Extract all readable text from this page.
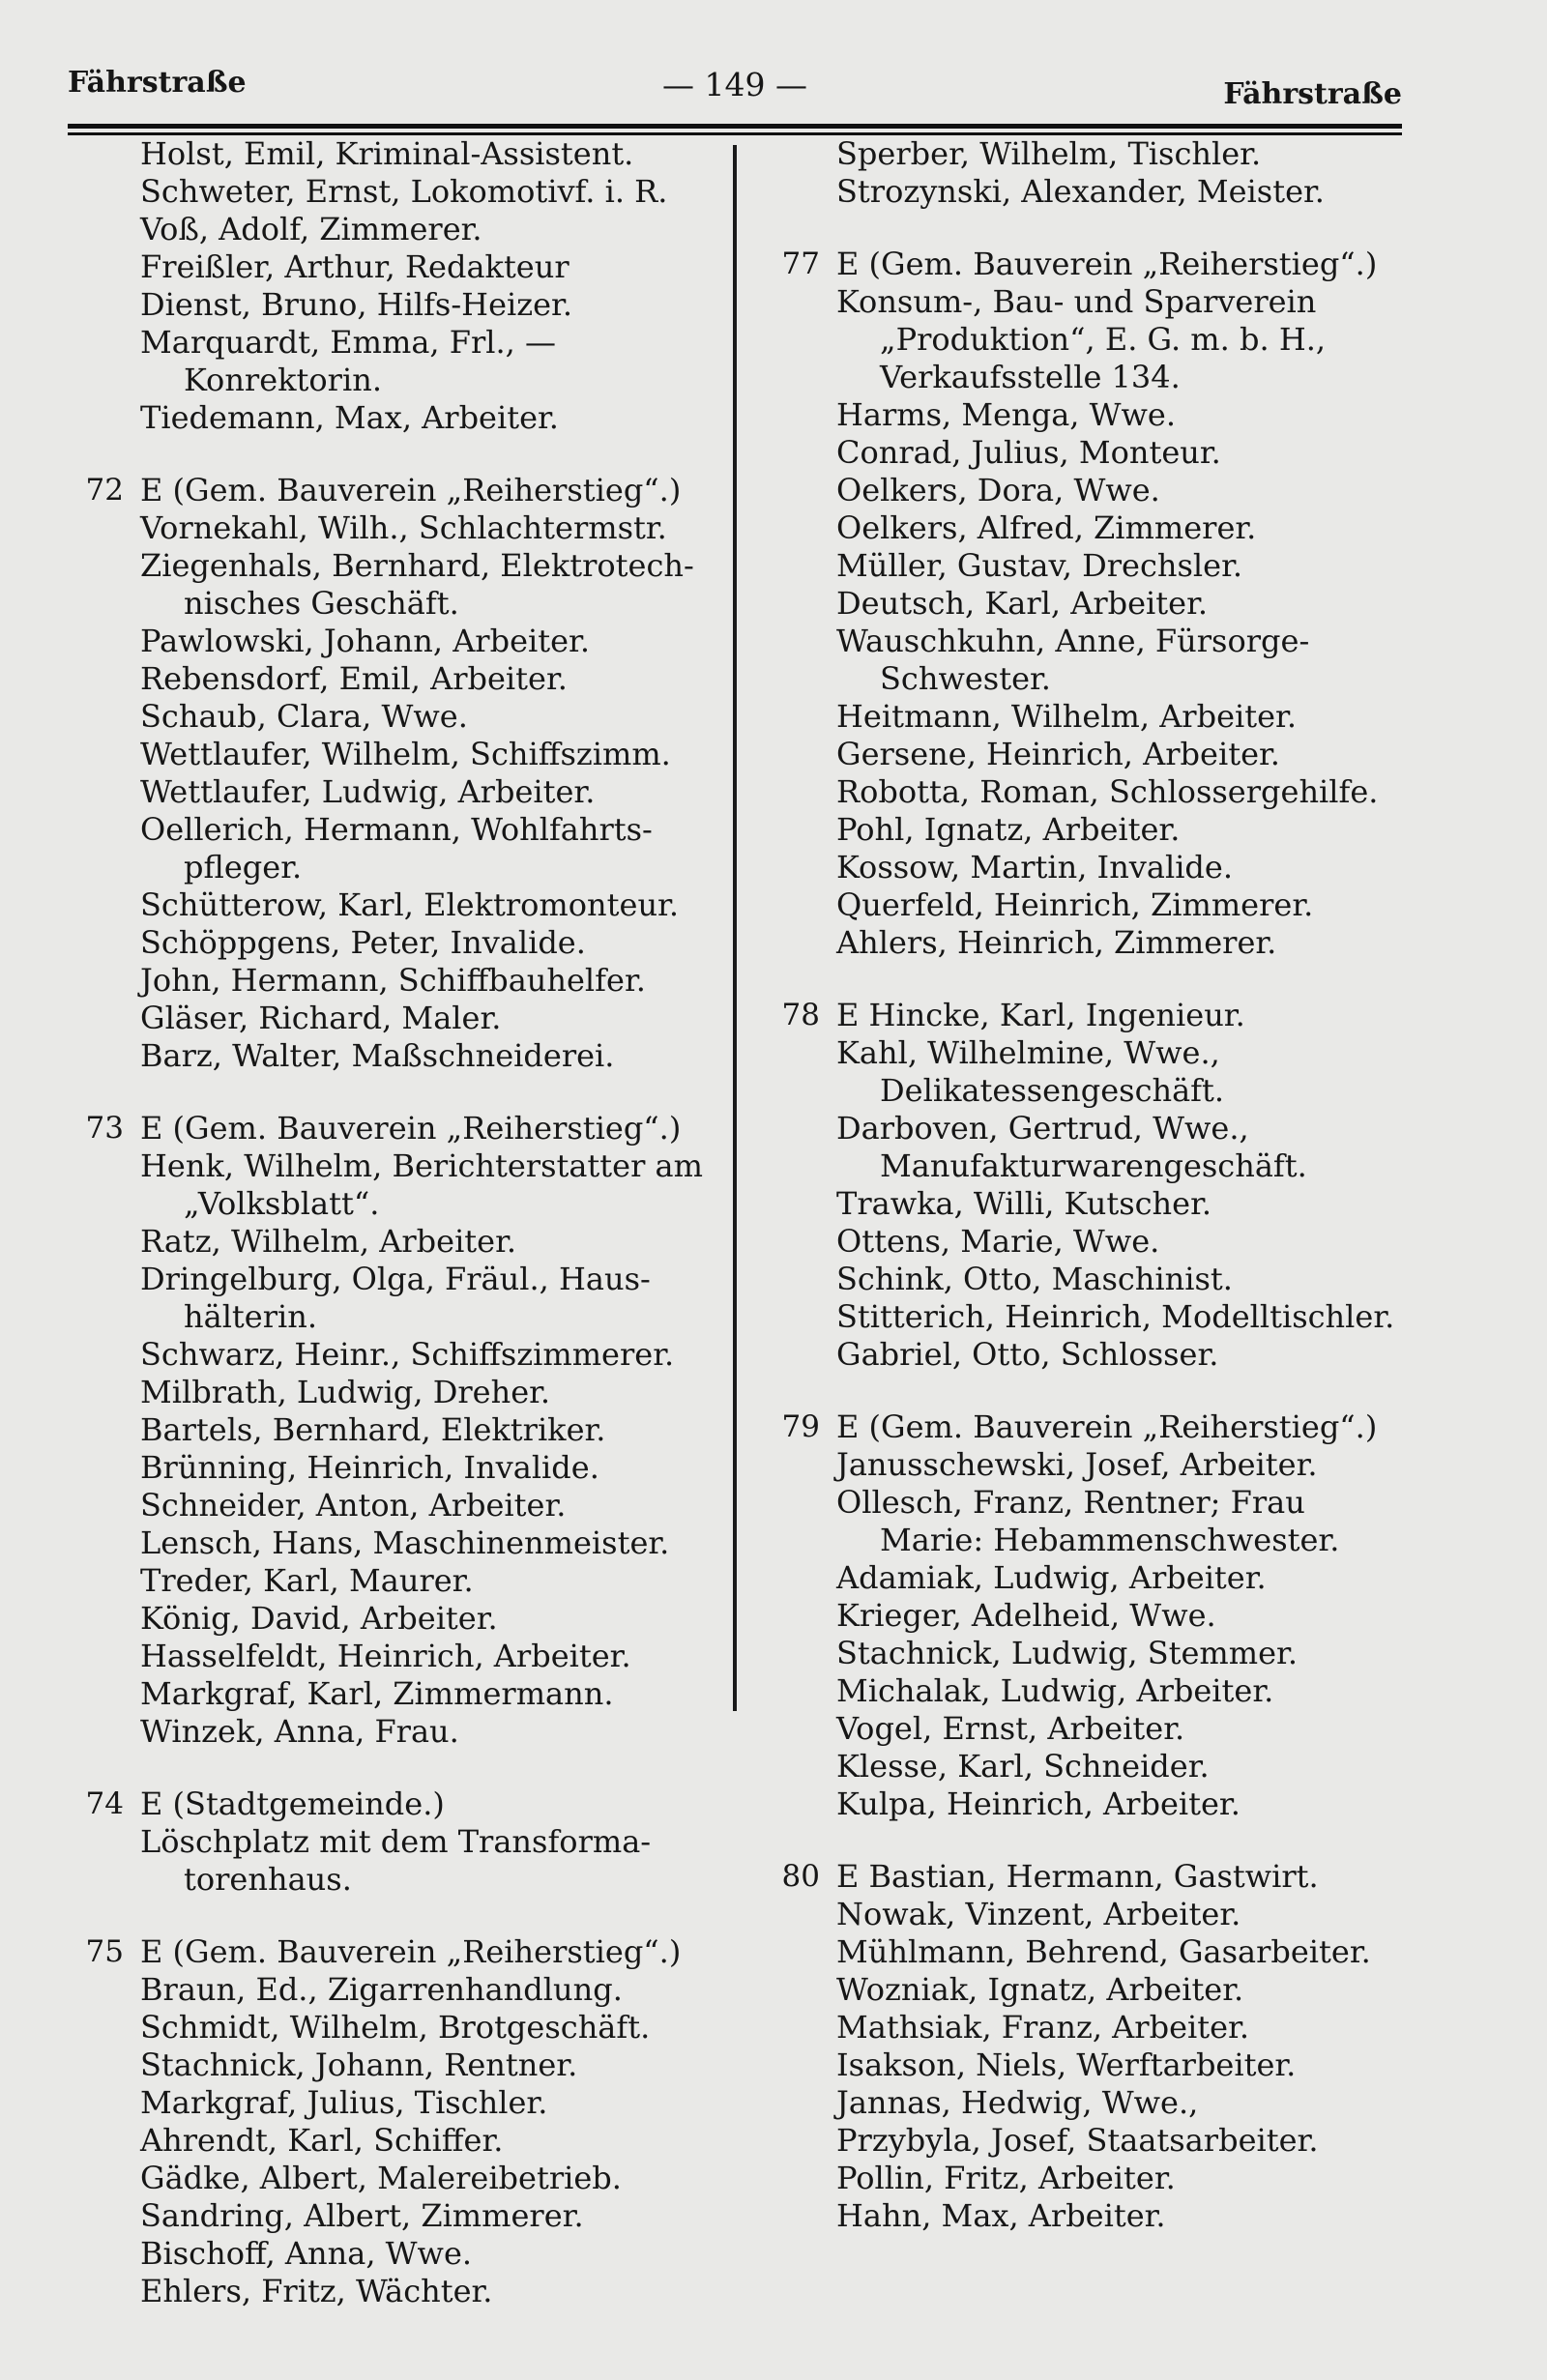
Fährstraße	— 149 —	Fährstraße
Holst, Emil, Kriminal-Assistent.
Schweter, Ernst, Lokomotivf. i. R.
Voß, Adolf, Zimmerer.
Freißler, Arthur, Redakteur
Dienst, Bruno, Hilfs-Heizer.
Marquardt, Emma, Frl., —
Konrektorin.
Tiedemann, Max, Arbeiter.
72 E (Gem. Bauverein „Reiherstieg“.)
Vornekahl, Wilh., Schlachtermstr.
Ziegenhals, Bernhard, Elektrotech-
nisches Geschäft.
Pawlowski, Johann, Arbeiter.
Rebensdorf, Emil, Arbeiter.
Schaub, Clara, Wwe.
Wettlaufer, Wilhelm, Schiffszimm.
Wettlaufer, Ludwig, Arbeiter.
Oellerich, Hermann, Wohlfahrts-
pfleger.
Schütterow, Karl, Elektromonteur.
Schöppgens, Peter, Invalide.
John, Hermann, Schiffbauhelfer.
Gläser, Richard, Maler.
Barz, Walter, Maßschneiderei.
73 E (Gem. Bauverein „Reiherstieg“.)
Henk, Wilhelm, Berichterstatter am
„Volksblatt“.
Ratz, Wilhelm, Arbeiter.
Dringelburg, Olga, Fräul., Haus-
hälterin.
Schwarz, Heinr., Schiffszimmerer.
Milbrath, Ludwig, Dreher.
Bartels, Bernhard, Elektriker.
Brünning, Heinrich, Invalide.
Schneider, Anton, Arbeiter.
Lensch, Hans, Maschinenmeister.
Treder, Karl, Maurer.
König, David, Arbeiter.
Hasselfeldt, Heinrich, Arbeiter.
Markgraf, Karl, Zimmermann.
Winzek, Anna, Frau.
74 E (Stadtgemeinde.)
Löschplatz mit dem Transforma-
torenhaus.
75 E (Gem. Bauverein „Reiherstieg“.)
Braun, Ed., Zigarrenhandlung.
Schmidt, Wilhelm, Brotgeschäft.
Stachnick, Johann, Rentner.
Markgraf, Julius, Tischler.
Ahrendt, Karl, Schiffer.
Gädke, Albert, Malereibetrieb.
Sandring, Albert, Zimmerer.
Bischoff, Anna, Wwe.
Ehlers, Fritz, Wächter.
Sperber, Wilhelm, Tischler.
Strozynski, Alexander, Meister.
77 E (Gem. Bauverein „Reiherstieg“.)
Konsum-, Bau- und Sparverein
„Produktion“, E. G. m. b. H.,
Verkaufsstelle 134.
Harms, Menga, Wwe.
Conrad, Julius, Monteur.
Oelkers, Dora, Wwe.
Oelkers, Alfred, Zimmerer.
Müller, Gustav, Drechsler.
Deutsch, Karl, Arbeiter.
Wauschkuhn, Anne, Fürsorge-
Schwester.
Heitmann, Wilhelm, Arbeiter.
Gersene, Heinrich, Arbeiter.
Robotta, Roman, Schlossergehilfe.
Pohl, Ignatz, Arbeiter.
Kossow, Martin, Invalide.
Querfeld, Heinrich, Zimmerer.
Ahlers, Heinrich, Zimmerer.
78 E Hincke, Karl, Ingenieur.
Kahl, Wilhelmine, Wwe.,
Delikatessengeschäft.
Darboven, Gertrud, Wwe.,
Manufakturwarengeschäft.
Trawka, Willi, Kutscher.
Ottens, Marie, Wwe.
Schink, Otto, Maschinist.
Stitterich, Heinrich, Modelltischler.
Gabriel, Otto, Schlosser.
79 E (Gem. Bauverein „Reiherstieg“.)
Janusschewski, Josef, Arbeiter.
Ollesch, Franz, Rentner; Frau
Marie: Hebammenschwester.
Adamiak, Ludwig, Arbeiter.
Krieger, Adelheid, Wwe.
Stachnick, Ludwig, Stemmer.
Michalak, Ludwig, Arbeiter.
Vogel, Ernst, Arbeiter.
Klesse, Karl, Schneider.
Kulpa, Heinrich, Arbeiter.
80 E Bastian, Hermann, Gastwirt.
Nowak, Vinzent, Arbeiter.
Mühlmann, Behrend, Gasarbeiter.
Wozniak, Ignatz, Arbeiter.
Mathsiak, Franz, Arbeiter.
Isakson, Niels, Werftarbeiter.
Jannas, Hedwig, Wwe.,
Przybyla, Josef, Staatsarbeiter.
Pollin, Fritz, Arbeiter.
Hahn, Max, Arbeiter.
